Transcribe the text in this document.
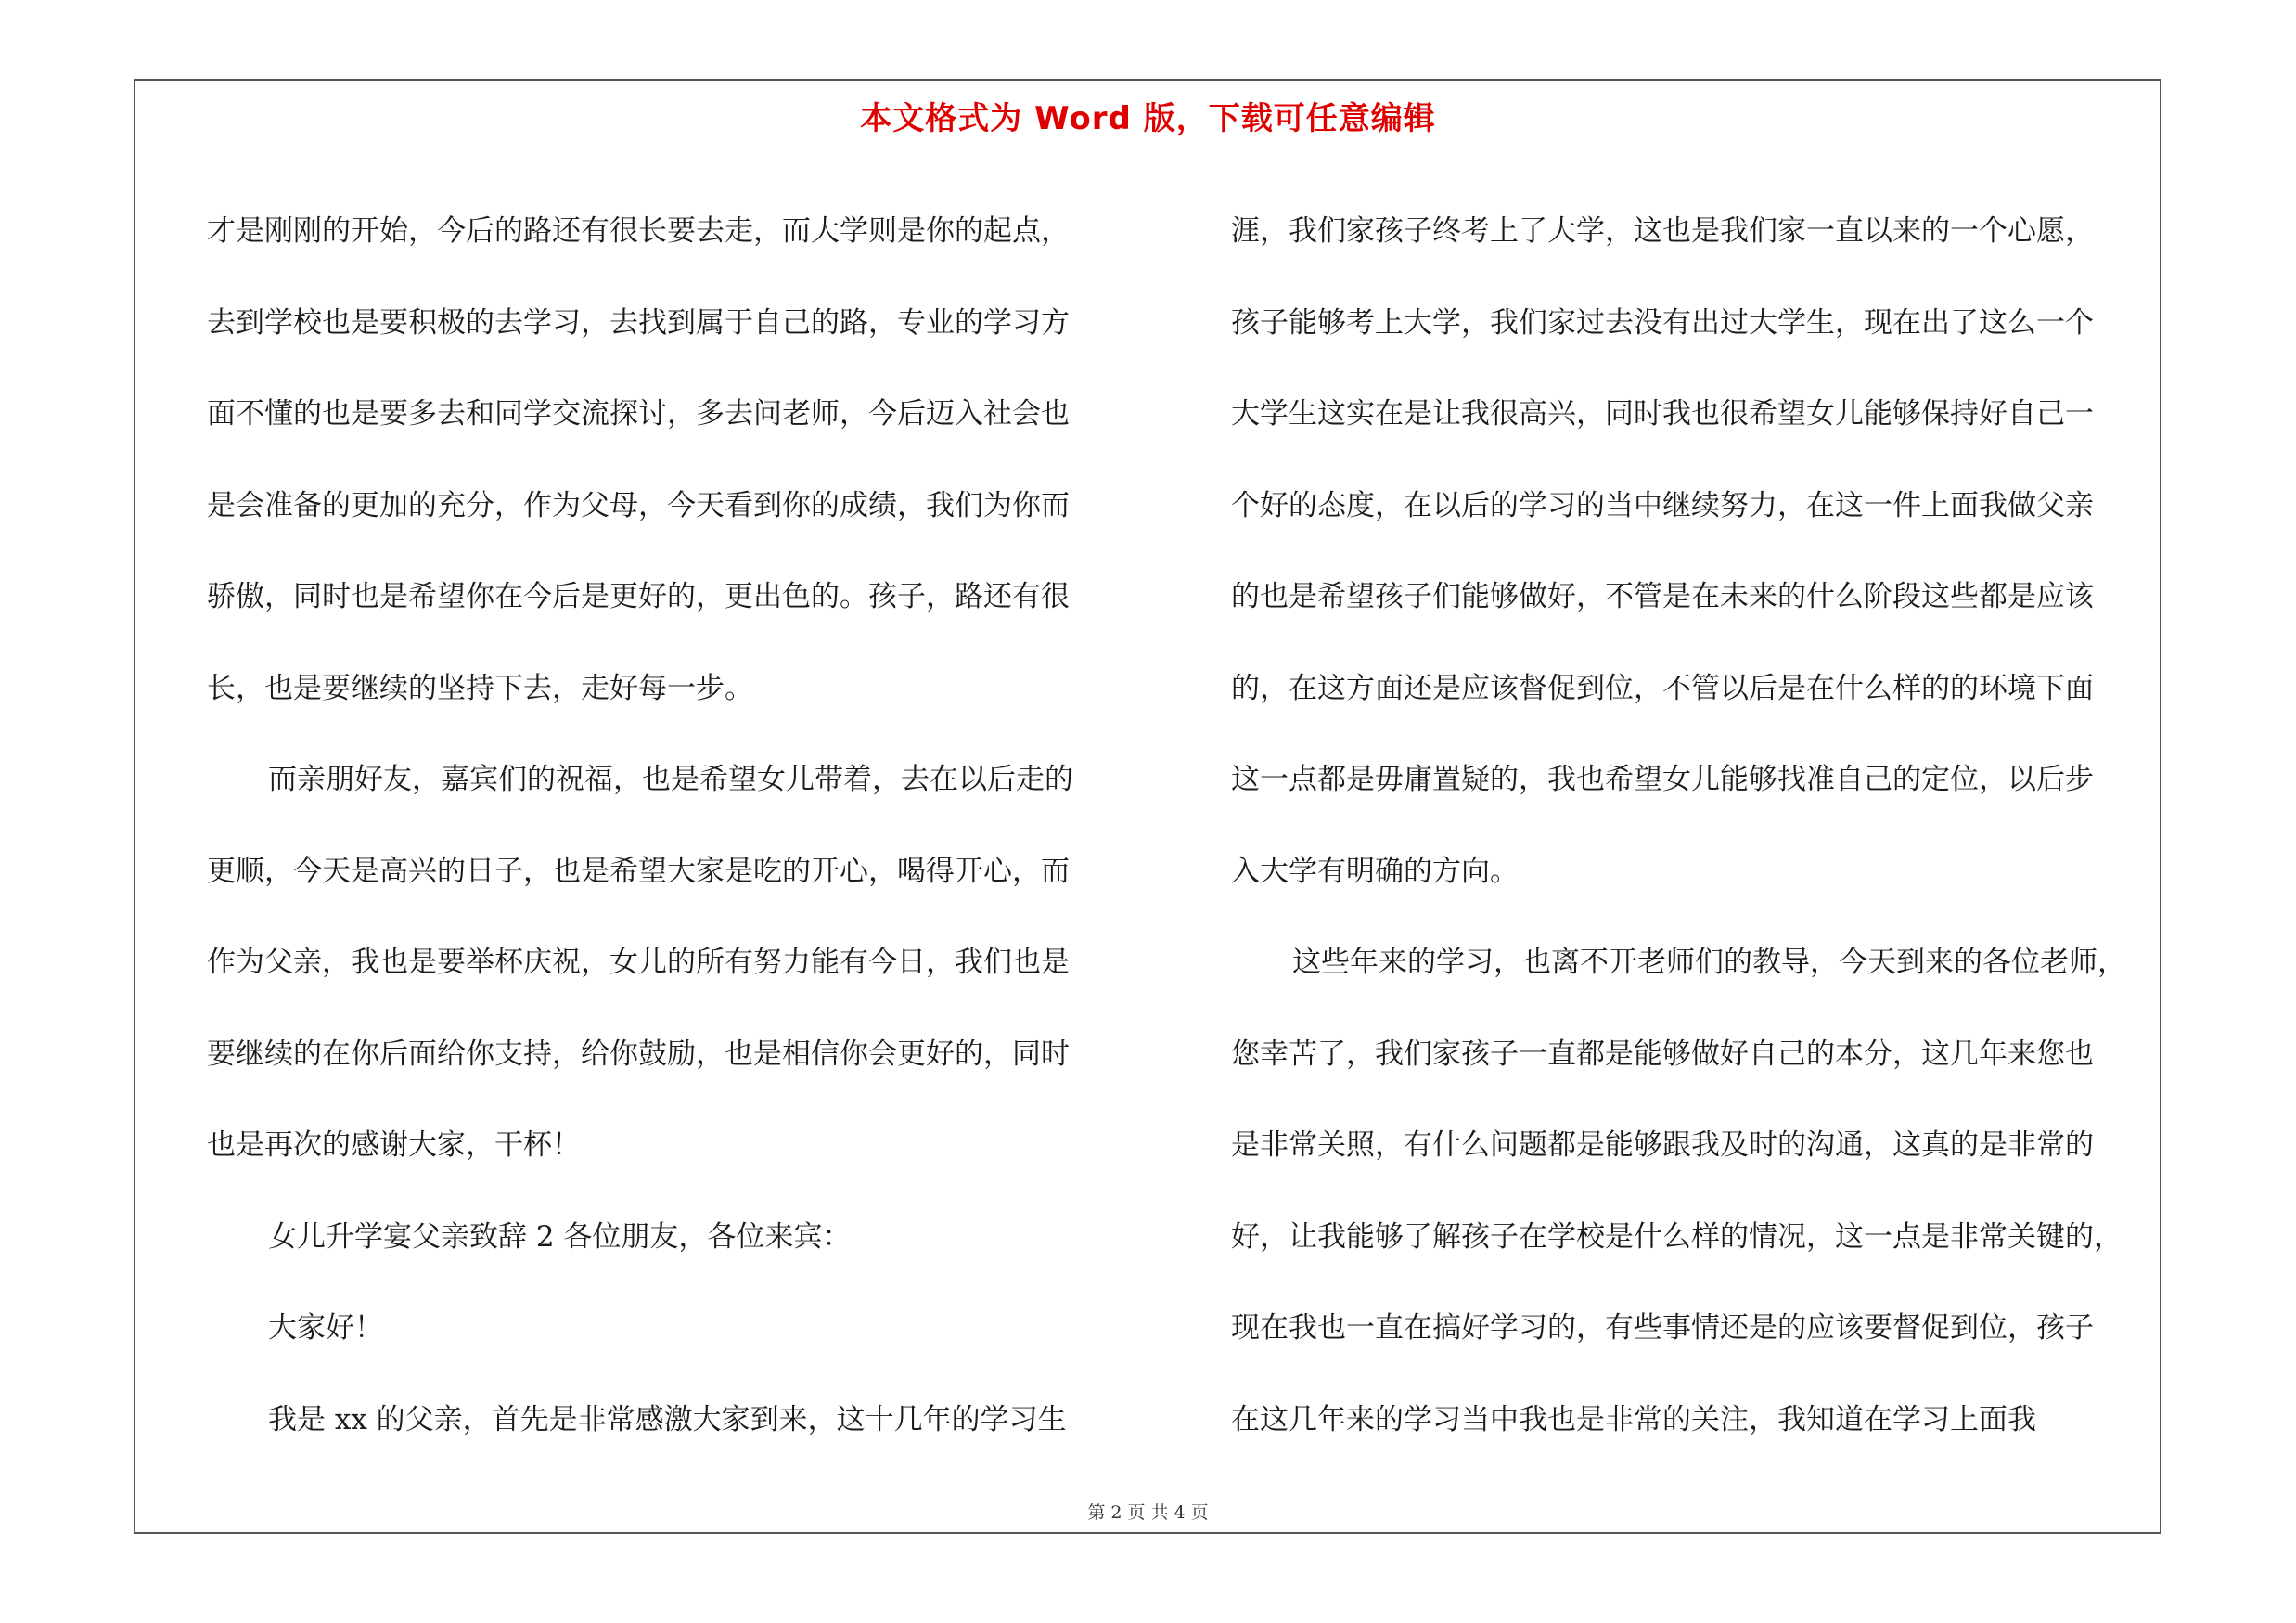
本文格式为 Word 版，下载可任意编辑
才是刚刚的开始，今后的路还有很长要去走，而大学则是你的起点，
去到学校也是要积极的去学习，去找到属于自己的路，专业的学习方
面不懂的也是要多去和同学交流探讨，多去问老师，今后迈入社会也
是会准备的更加的充分，作为父母，今天看到你的成绩，我们为你而
骄傲，同时也是希望你在今后是更好的，更出色的。孩子，路还有很
长，也是要继续的坚持下去，走好每一步。
而亲朋好友，嘉宾们的祝福，也是希望女儿带着，去在以后走的
更顺，今天是高兴的日子，也是希望大家是吃的开心，喝得开心，而
作为父亲，我也是要举杯庆祝，女儿的所有努力能有今日，我们也是
要继续的在你后面给你支持，给你鼓励，也是相信你会更好的，同时
也是再次的感谢大家，干杯！
女儿升学宴父亲致辞 2 各位朋友，各位来宾：
大家好！
我是 xx 的父亲，首先是非常感激大家到来，这十几年的学习生
涯，我们家孩子终考上了大学，这也是我们家一直以来的一个心愿，
孩子能够考上大学，我们家过去没有出过大学生，现在出了这么一个
大学生这实在是让我很高兴，同时我也很希望女儿能够保持好自己一
个好的态度，在以后的学习的当中继续努力，在这一件上面我做父亲
的也是希望孩子们能够做好，不管是在未来的什么阶段这些都是应该
的，在这方面还是应该督促到位，不管以后是在什么样的的环境下面
这一点都是毋庸置疑的，我也希望女儿能够找准自己的定位，以后步
入大学有明确的方向。
这些年来的学习，也离不开老师们的教导，今天到来的各位老师，
您幸苦了，我们家孩子一直都是能够做好自己的本分，这几年来您也
是非常关照，有什么问题都是能够跟我及时的沟通，这真的是非常的
好，让我能够了解孩子在学校是什么样的情况，这一点是非常关键的，
现在我也一直在搞好学习的，有些事情还是的应该要督促到位，孩子
在这几年来的学习当中我也是非常的关注，我知道在学习上面我
第 2 页 共 4 页
